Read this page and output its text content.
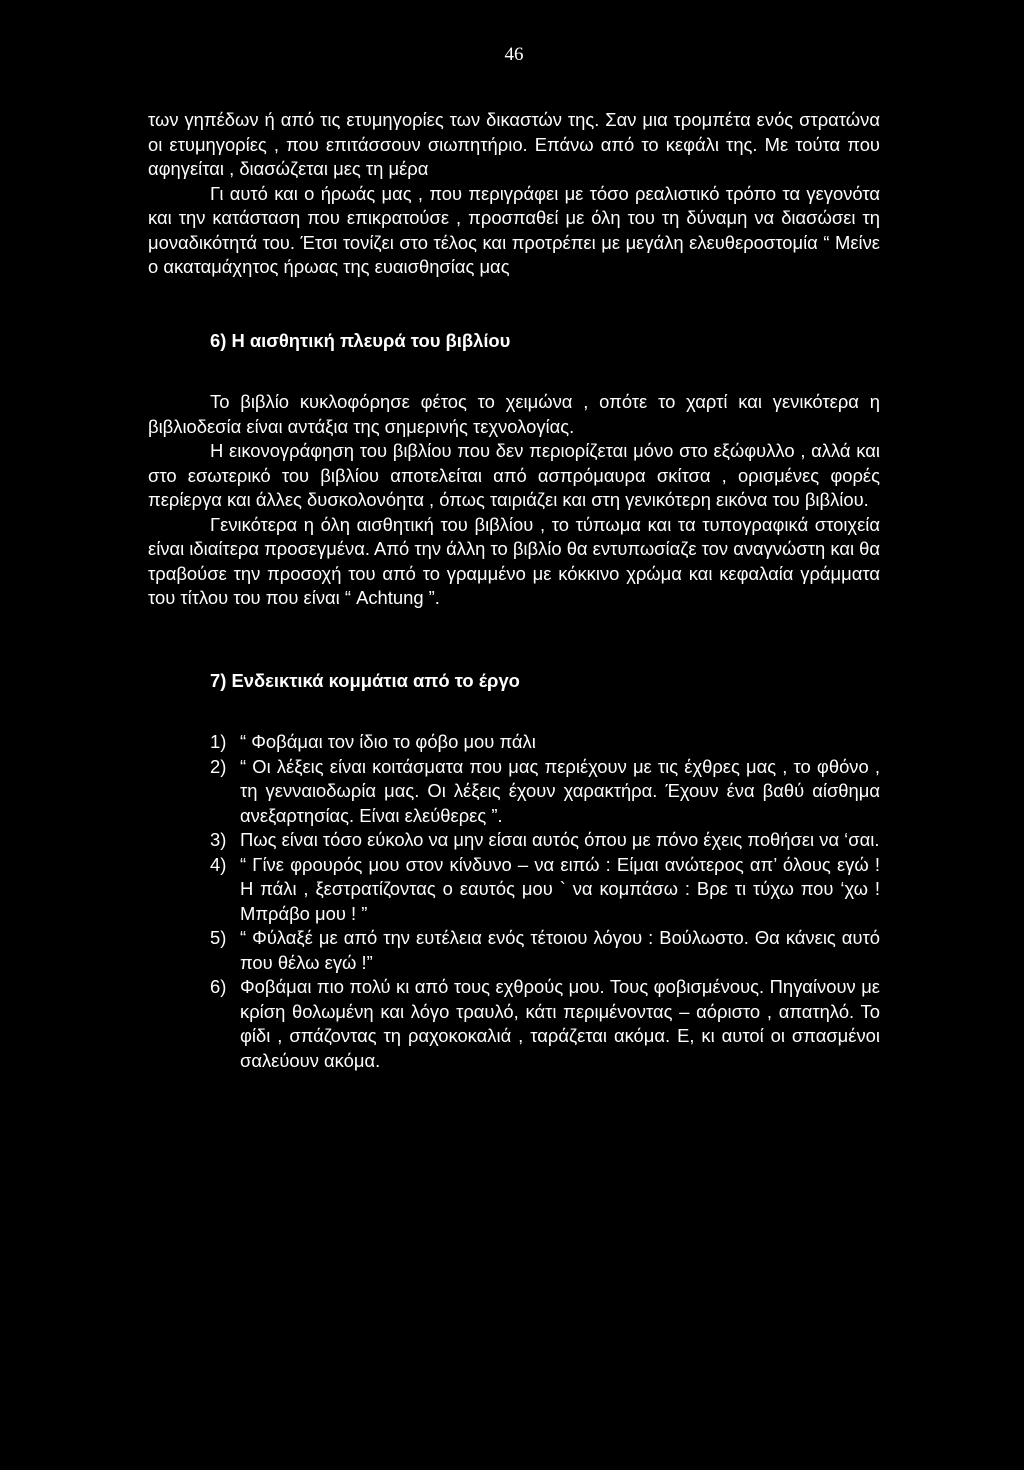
46

των γηπέδων ή από τις ετυμηγορίες των δικαστών της. Σαν μια τρομπέτα ενός στρατώνα οι ετυμηγορίες , που επιτάσσουν σιωπητήριο. Επάνω από το κεφάλι της. Με τούτα που αφηγείται , διασώζεται μες τη μέρα

Γι αυτό και ο ήρωάς μας , που περιγράφει με τόσο ρεαλιστικό τρόπο τα γεγονότα και την κατάσταση που επικρατούσε , προσπαθεί με όλη του τη δύναμη να διασώσει τη μοναδικότητά του. Έτσι τονίζει στο τέλος και προτρέπει με μεγάλη ελευθεροστομία “ Μείνε ο ακαταμάχητος ήρωας της ευαισθησίας μας

6) Η αισθητική πλευρά του βιβλίου

Το βιβλίο κυκλοφόρησε φέτος το χειμώνα , οπότε το χαρτί και γενικότερα η βιβλιοδεσία είναι αντάξια της σημερινής τεχνολογίας.

Η εικονογράφηση του βιβλίου που δεν περιορίζεται μόνο στο εξώφυλλο , αλλά και στο εσωτερικό του βιβλίου αποτελείται από ασπρόμαυρα σκίτσα , ορισμένες φορές περίεργα και άλλες δυσκολονόητα , όπως ταιριάζει και στη γενικότερη εικόνα του βιβλίου.

Γενικότερα η όλη αισθητική του βιβλίου , το τύπωμα και τα τυπογραφικά στοιχεία είναι ιδιαίτερα προσεγμένα. Από την άλλη το βιβλίο θα εντυπωσίαζε τον αναγνώστη και θα τραβούσε την προσοχή του από το γραμμένο με κόκκινο χρώμα και κεφαλαία γράμματα του τίτλου του που είναι “ Achtung ”.

7) Ενδεικτικά κομμάτια από το έργο
1) “ Φοβάμαι τον ίδιο το φόβο μου πάλι
2) “ Οι λέξεις είναι κοιτάσματα που μας περιέχουν με τις έχθρες μας , το φθόνο , τη γενναιοδωρία μας. Οι λέξεις έχουν χαρακτήρα. Έχουν ένα βαθύ αίσθημα ανεξαρτησίας. Είναι ελεύθερες ”.
3) Πως είναι τόσο εύκολο να μην είσαι αυτός όπου με πόνο έχεις ποθήσει να ‘σαι.
4) “ Γίνε φρουρός μου στον κίνδυνο – να ειπώ : Είμαι ανώτερος απ’ όλους εγώ ! Η πάλι , ξεστρατίζοντας ο εαυτός μου ` να κομπάσω : Βρε τι τύχω που ‘χω ! Μπράβο μου ! ”
5) “ Φύλαξέ με από την ευτέλεια ενός τέτοιου λόγου : Βούλωστο. Θα κάνεις αυτό που θέλω εγώ !”
6) Φοβάμαι πιο πολύ κι από τους εχθρούς μου. Τους φοβισμένους. Πηγαίνουν με κρίση θολωμένη και λόγο τραυλό, κάτι περιμένοντας – αόριστο , απατηλό. Το φίδι , σπάζοντας τη ραχοκοκαλιά , ταράζεται ακόμα. Ε, κι αυτοί οι σπασμένοι σαλεύουν ακόμα.
